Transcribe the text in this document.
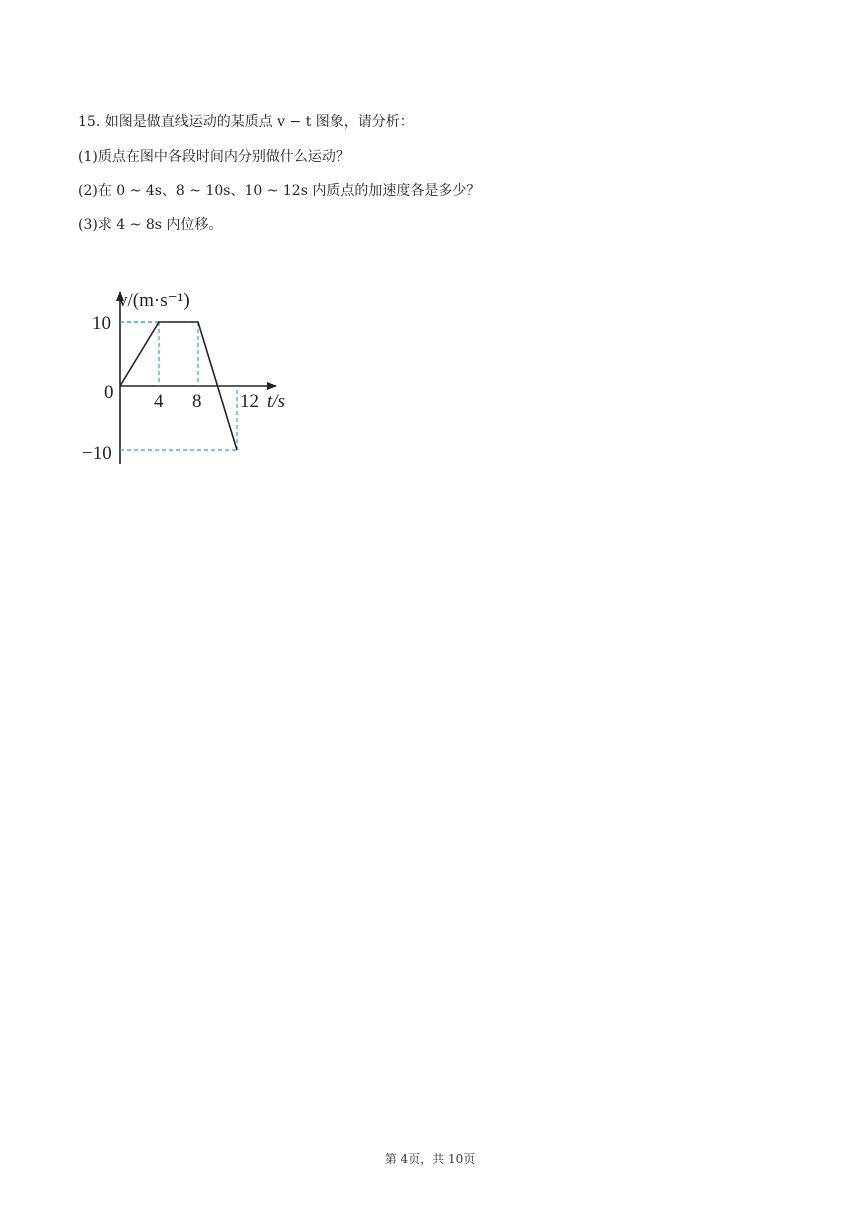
15. 如图是做直线运动的某质点 v − t 图象，请分析：
(1)质点在图中各段时间内分别做什么运动？
(2)在 0 ~ 4s、8 ~ 10s、10 ~ 12s 内质点的加速度各是多少？
(3)求 4 ~ 8s 内位移。
v/(m·s⁻¹)
t/s
10
0
−10
4 8 12
第 4页，共 10页
